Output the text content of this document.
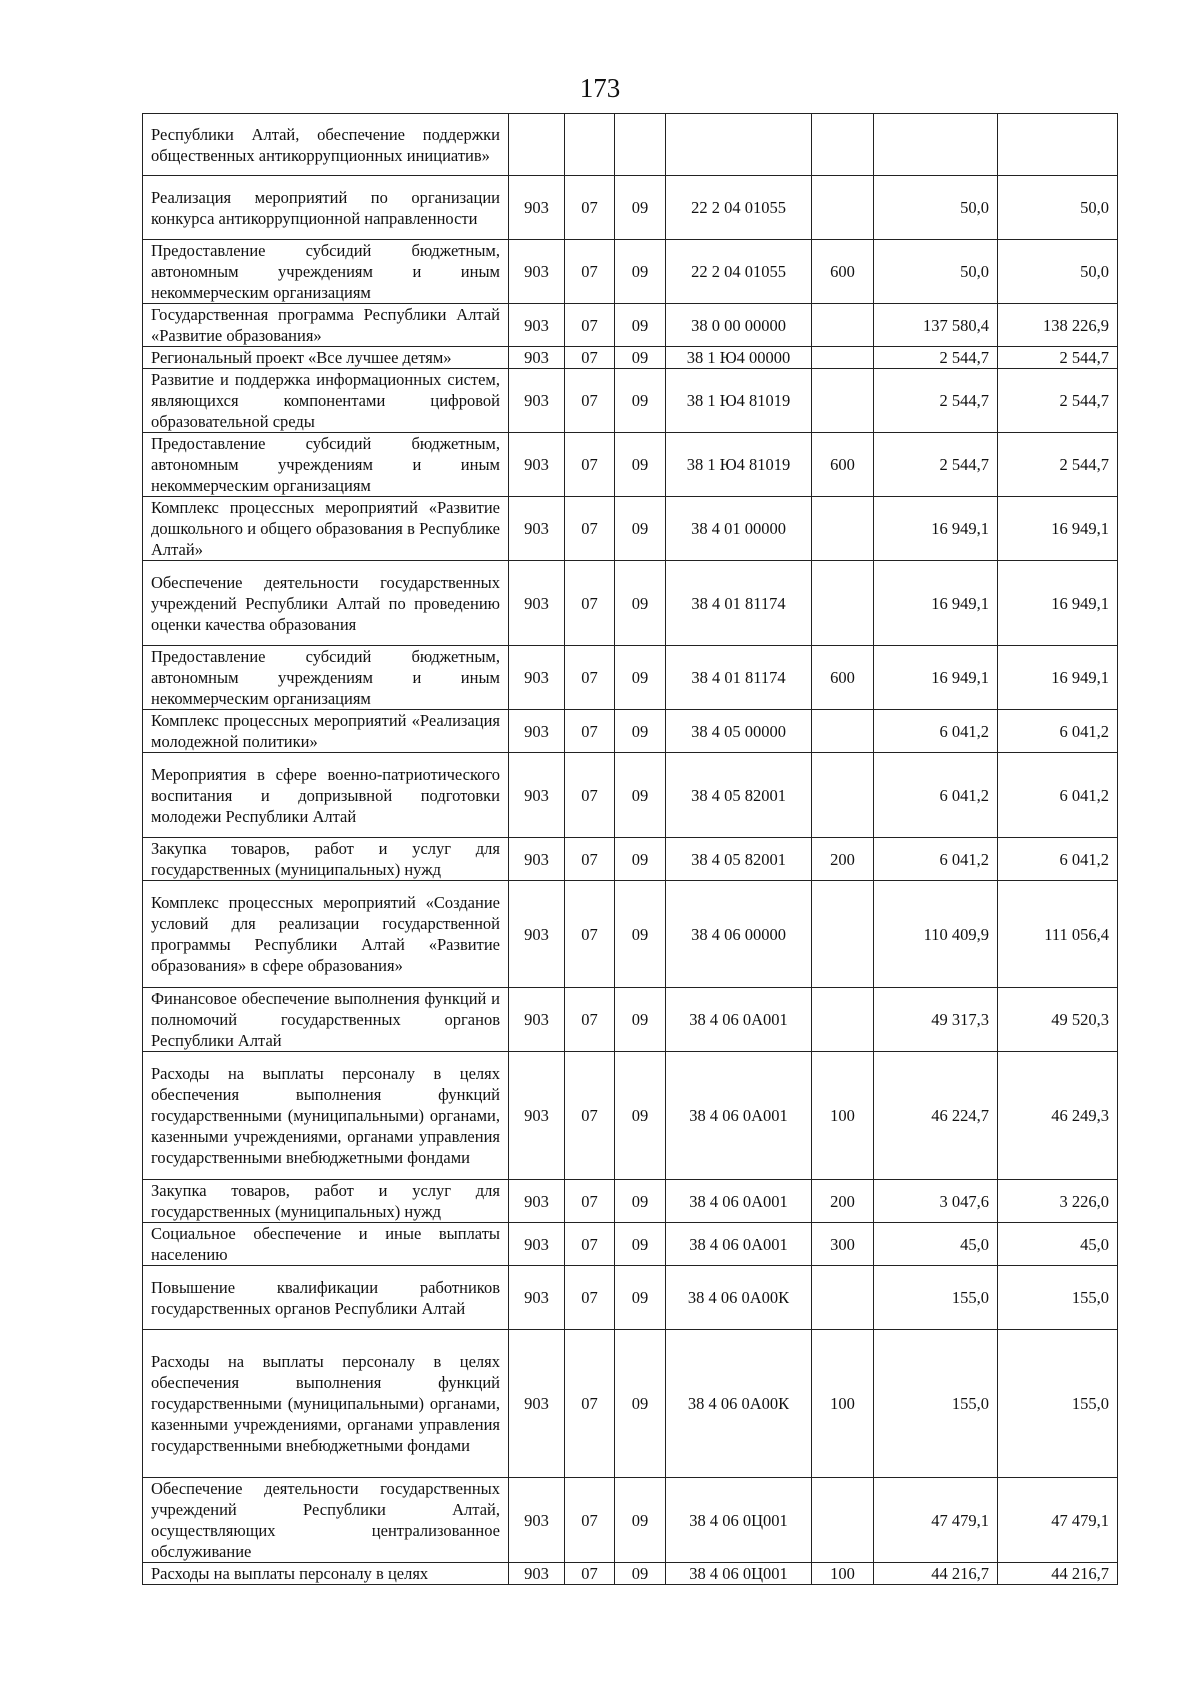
173
Республики Алтай, обеспечение поддержки общественных антикоррупционных инициатив»							
Реализация мероприятий по организации конкурса антикоррупционной направленности	903	07	09	22 2 04 01055		50,0	50,0
Предоставление субсидий бюджетным, автономным учреждениям и иным некоммерческим организациям	903	07	09	22 2 04 01055	600	50,0	50,0
Государственная программа Республики Алтай «Развитие образования»	903	07	09	38 0 00 00000		137 580,4	138 226,9
Региональный проект «Все лучшее детям»	903	07	09	38 1 Ю4 00000		2 544,7	2 544,7
Развитие и поддержка информационных систем, являющихся компонентами цифровой образовательной среды	903	07	09	38 1 Ю4 81019		2 544,7	2 544,7
Предоставление субсидий бюджетным, автономным учреждениям и иным некоммерческим организациям	903	07	09	38 1 Ю4 81019	600	2 544,7	2 544,7
Комплекс процессных мероприятий «Развитие дошкольного и общего образования в Республике Алтай»	903	07	09	38 4 01 00000		16 949,1	16 949,1
Обеспечение деятельности государственных учреждений Республики Алтай по проведению оценки качества образования	903	07	09	38 4 01 81174		16 949,1	16 949,1
Предоставление субсидий бюджетным, автономным учреждениям и иным некоммерческим организациям	903	07	09	38 4 01 81174	600	16 949,1	16 949,1
Комплекс процессных мероприятий «Реализация молодежной политики»	903	07	09	38 4 05 00000		6 041,2	6 041,2
Мероприятия в сфере военно-патриотического воспитания и допризывной подготовки молодежи Республики Алтай	903	07	09	38 4 05 82001		6 041,2	6 041,2
Закупка товаров, работ и услуг для государственных (муниципальных) нужд	903	07	09	38 4 05 82001	200	6 041,2	6 041,2
Комплекс процессных мероприятий «Создание условий для реализации государственной программы Республики Алтай «Развитие образования» в сфере образования»	903	07	09	38 4 06 00000		110 409,9	111 056,4
Финансовое обеспечение выполнения функций и полномочий государственных органов Республики Алтай	903	07	09	38 4 06 0А001		49 317,3	49 520,3
Расходы на выплаты персоналу в целях обеспечения выполнения функций государственными (муниципальными) органами, казенными учреждениями, органами управления государственными внебюджетными фондами	903	07	09	38 4 06 0А001	100	46 224,7	46 249,3
Закупка товаров, работ и услуг для государственных (муниципальных) нужд	903	07	09	38 4 06 0А001	200	3 047,6	3 226,0
Социальное обеспечение и иные выплаты населению	903	07	09	38 4 06 0А001	300	45,0	45,0
Повышение квалификации работников государственных органов Республики Алтай	903	07	09	38 4 06 0А00К		155,0	155,0
Расходы на выплаты персоналу в целях обеспечения выполнения функций государственными (муниципальными) органами, казенными учреждениями, органами управления государственными внебюджетными фондами	903	07	09	38 4 06 0А00К	100	155,0	155,0
Обеспечение деятельности государственных учреждений Республики Алтай, осуществляющих централизованное обслуживание	903	07	09	38 4 06 0Ц001		47 479,1	47 479,1
Расходы на выплаты персоналу в целях	903	07	09	38 4 06 0Ц001	100	44 216,7	44 216,7
